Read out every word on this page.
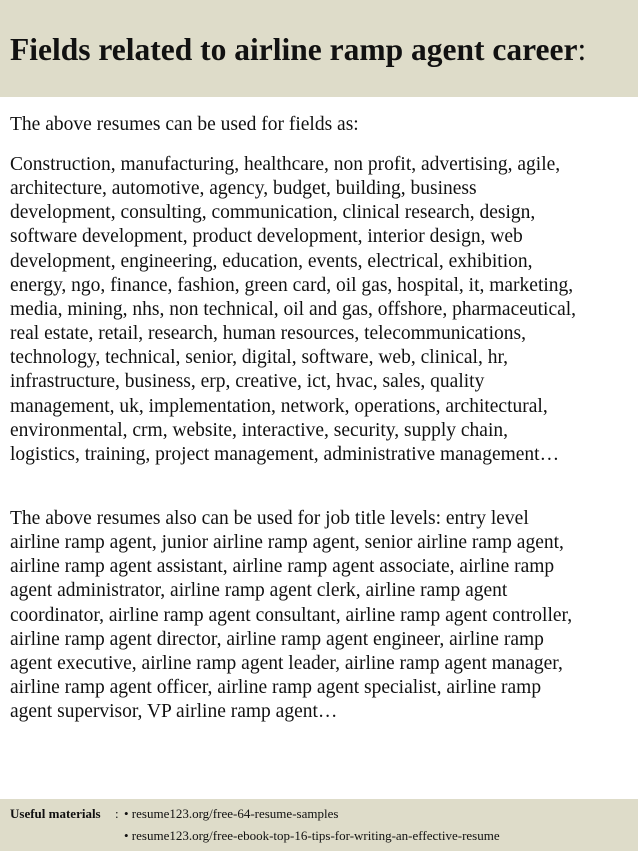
Fields related to airline ramp agent career:

The above resumes can be used for fields as:

Construction, manufacturing, healthcare, non profit, advertising, agile,
architecture, automotive, agency, budget, building, business
development, consulting, communication, clinical research, design,
software development, product development, interior design, web
development, engineering, education, events, electrical, exhibition,
energy, ngo, finance, fashion, green card, oil gas, hospital, it, marketing,
media, mining, nhs, non technical, oil and gas, offshore, pharmaceutical,
real estate, retail, research, human resources, telecommunications,
technology, technical, senior, digital, software, web, clinical, hr,
infrastructure, business, erp, creative, ict, hvac, sales, quality
management, uk, implementation, network, operations, architectural,
environmental, crm, website, interactive, security, supply chain,
logistics, training, project management, administrative management…

The above resumes also can be used for job title levels: entry level
airline ramp agent, junior airline ramp agent, senior airline ramp agent,
airline ramp agent assistant, airline ramp agent associate, airline ramp
agent administrator, airline ramp agent clerk, airline ramp agent
coordinator, airline ramp agent consultant, airline ramp agent controller,
airline ramp agent director, airline ramp agent engineer, airline ramp
agent executive, airline ramp agent leader, airline ramp agent manager,
airline ramp agent officer, airline ramp agent specialist, airline ramp
agent supervisor, VP airline ramp agent…

Useful materials : • resume123.org/free-64-resume-samples
• resume123.org/free-ebook-top-16-tips-for-writing-an-effective-resume
